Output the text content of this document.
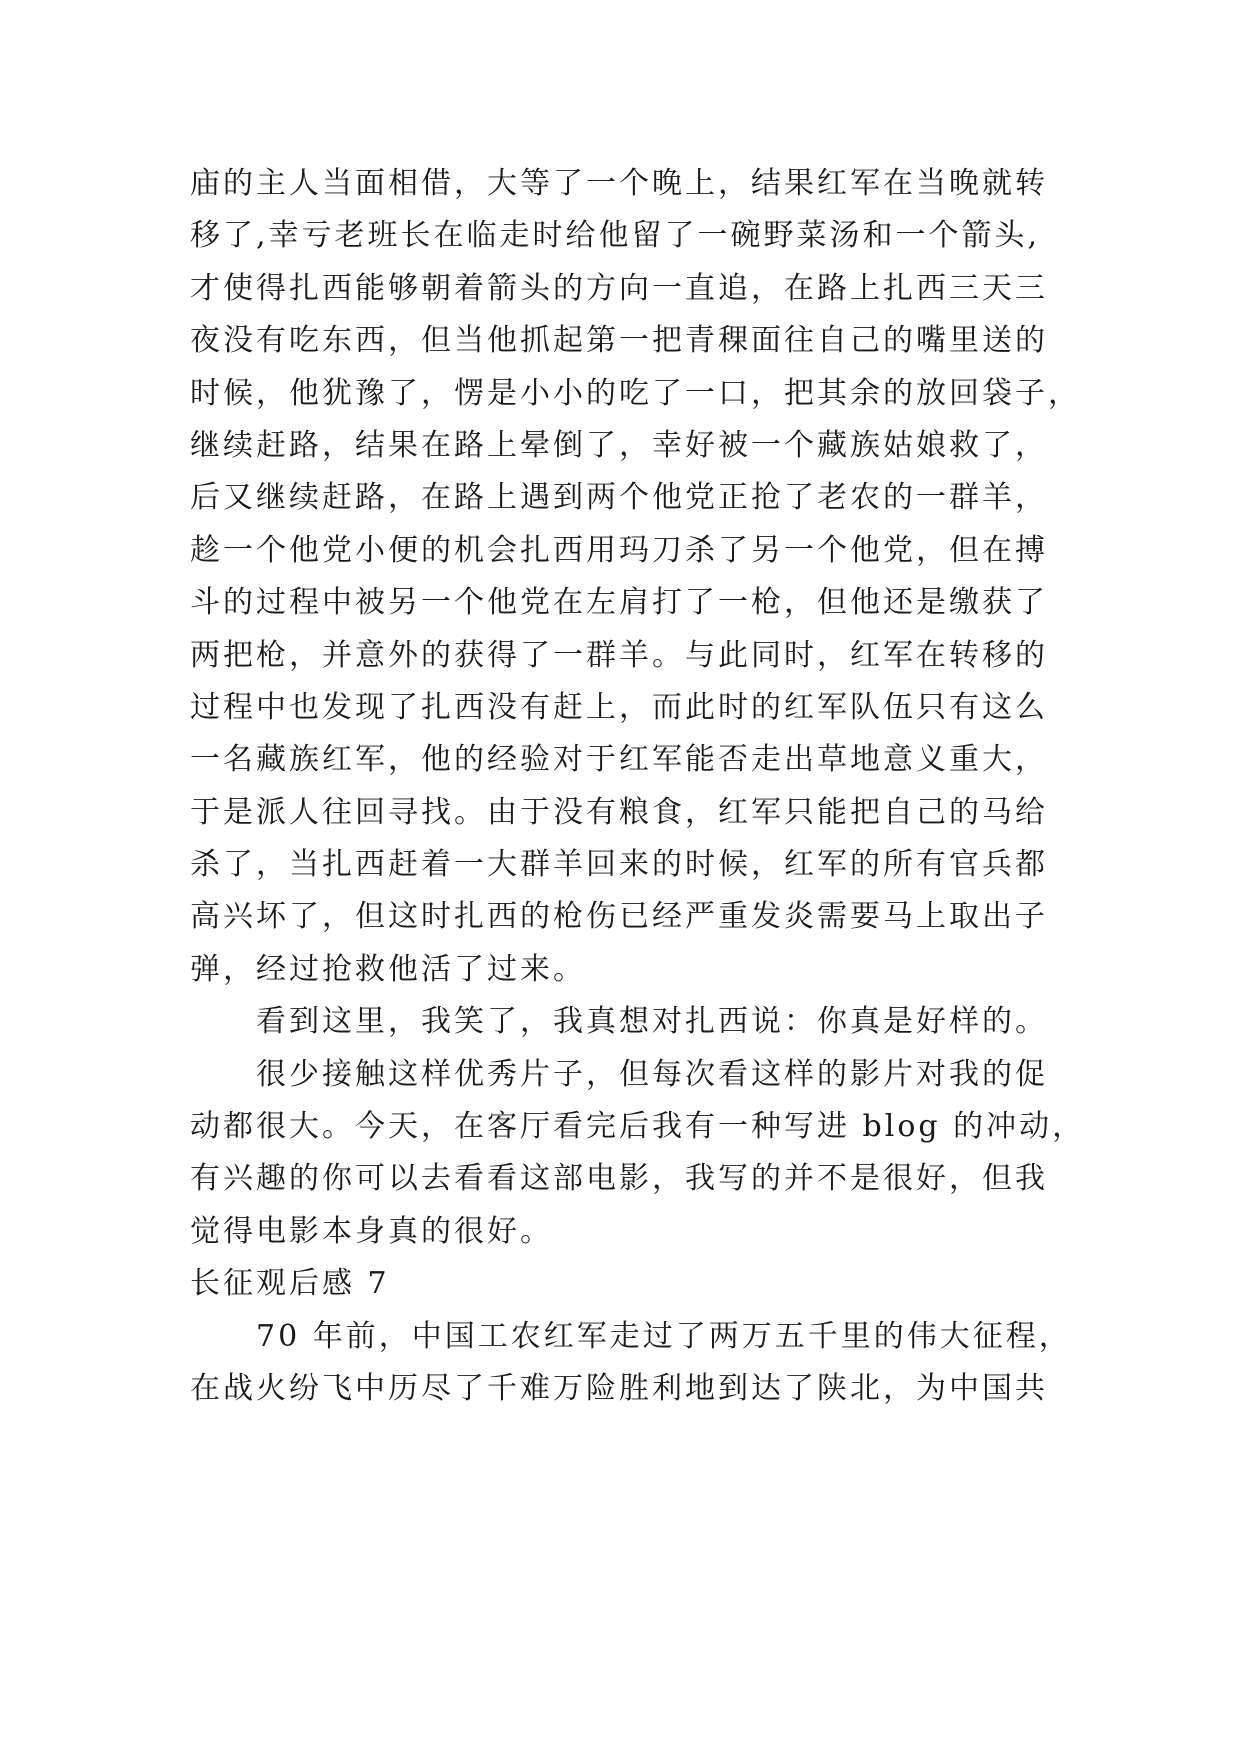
庙的主人当面相借，大等了一个晚上，结果红军在当晚就转
移了,幸亏老班长在临走时给他留了一碗野菜汤和一个箭头,
才使得扎西能够朝着箭头的方向一直追，在路上扎西三天三
夜没有吃东西，但当他抓起第一把青稞面往自己的嘴里送的
时候，他犹豫了，愣是小小的吃了一口，把其余的放回袋子，
继续赶路，结果在路上晕倒了，幸好被一个藏族姑娘救了，
后又继续赶路，在路上遇到两个他党正抢了老农的一群羊，
趁一个他党小便的机会扎西用玛刀杀了另一个他党，但在搏
斗的过程中被另一个他党在左肩打了一枪，但他还是缴获了
两把枪，并意外的获得了一群羊。与此同时，红军在转移的
过程中也发现了扎西没有赶上，而此时的红军队伍只有这么
一名藏族红军，他的经验对于红军能否走出草地意义重大，
于是派人往回寻找。由于没有粮食，红军只能把自己的马给
杀了，当扎西赶着一大群羊回来的时候，红军的所有官兵都
高兴坏了，但这时扎西的枪伤已经严重发炎需要马上取出子
弹，经过抢救他活了过来。
看到这里，我笑了，我真想对扎西说：你真是好样的。
很少接触这样优秀片子，但每次看这样的影片对我的促
动都很大。今天，在客厅看完后我有一种写进 blog 的冲动，
有兴趣的你可以去看看这部电影，我写的并不是很好，但我
觉得电影本身真的很好。
长征观后感 7
70 年前，中国工农红军走过了两万五千里的伟大征程，
在战火纷飞中历尽了千难万险胜利地到达了陕北，为中国共
